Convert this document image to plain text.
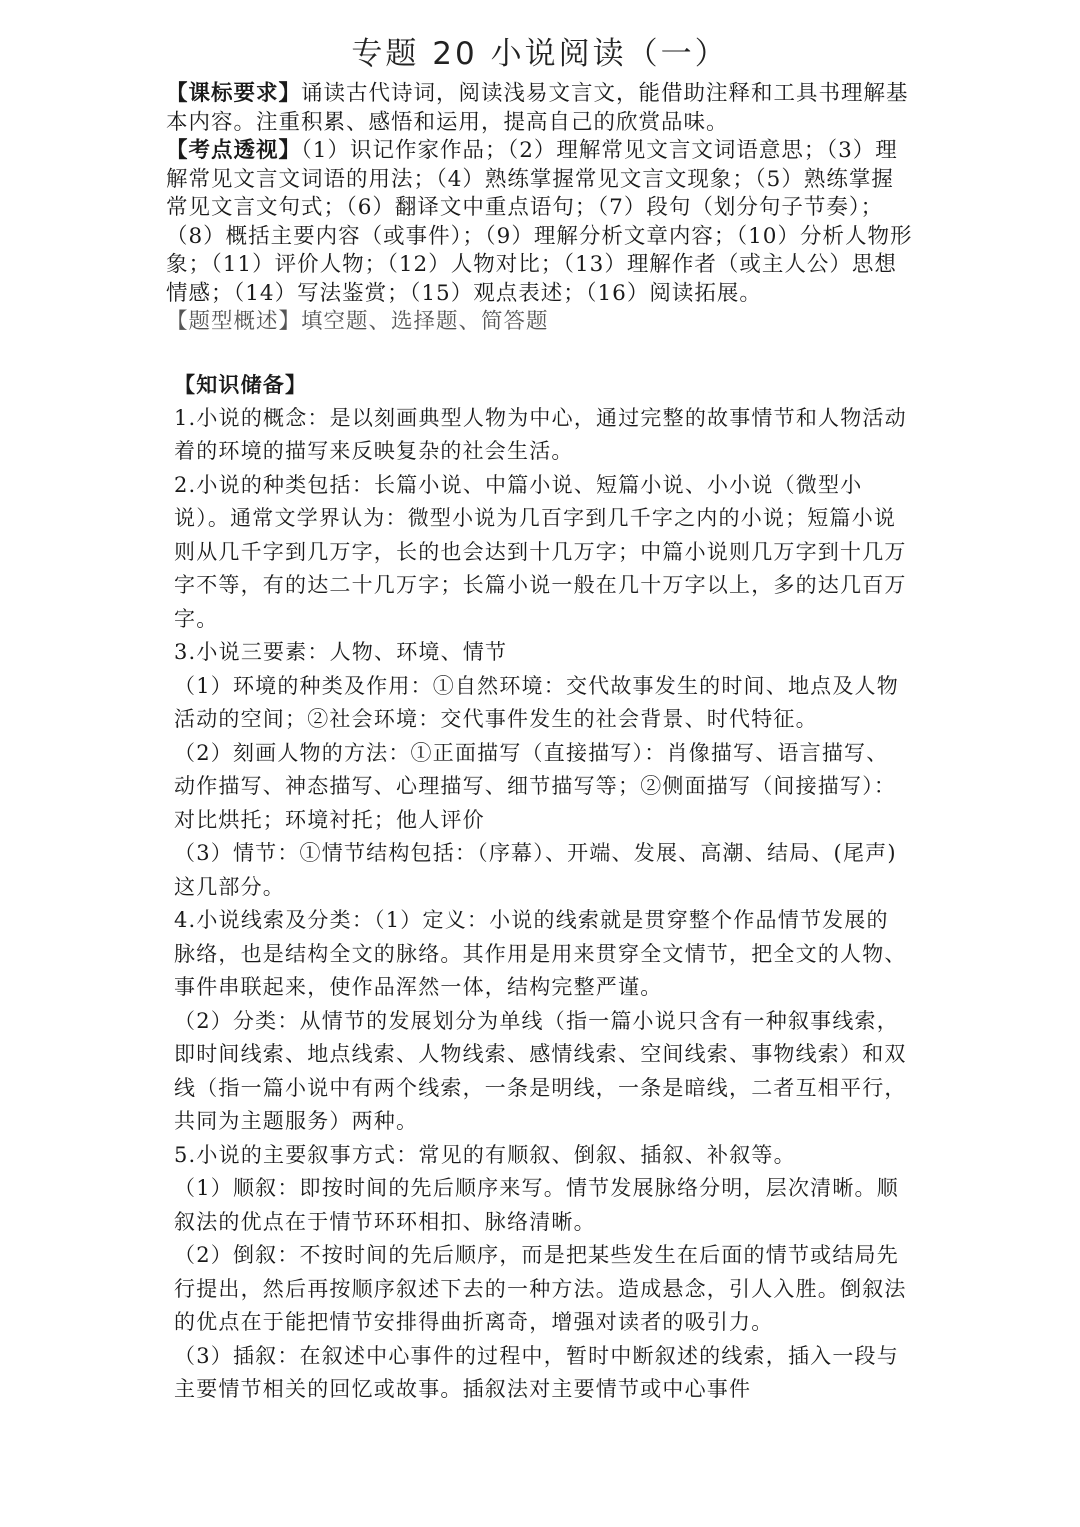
专题 20 小说阅读（一）

【课标要求】诵读古代诗词，阅读浅易文言文，能借助注释和工具书理解基本内容。注重积累、感悟和运用，提高自己的欣赏品味。

【考点透视】（1）识记作家作品；（2）理解常见文言文词语意思；（3）理解常见文言文词语的用法；（4）熟练掌握常见文言文现象；（5）熟练掌握常见文言文句式；（6）翻译文中重点语句；（7）段句（划分句子节奏）；（8）概括主要内容（或事件）；（9）理解分析文章内容；（10）分析人物形象；（11）评价人物；（12）人物对比；（13）理解作者（或主人公）思想情感；（14）写法鉴赏；（15）观点表述；（16）阅读拓展。

【题型概述】填空题、选择题、简答题

【知识储备】

1.小说的概念：是以刻画典型人物为中心，通过完整的故事情节和人物活动着的环境的描写来反映复杂的社会生活。

2.小说的种类包括：长篇小说、中篇小说、短篇小说、小小说（微型小说）。通常文学界认为：微型小说为几百字到几千字之内的小说；短篇小说则从几千字到几万字，长的也会达到十几万字；中篇小说则几万字到十几万字不等，有的达二十几万字；长篇小说一般在几十万字以上，多的达几百万字。

3.小说三要素：人物、环境、情节

（1）环境的种类及作用：①自然环境：交代故事发生的时间、地点及人物活动的空间；②社会环境：交代事件发生的社会背景、时代特征。

（2）刻画人物的方法：①正面描写（直接描写）：肖像描写、语言描写、动作描写、神态描写、心理描写、细节描写等；②侧面描写（间接描写）：对比烘托；环境衬托；他人评价

（3）情节：①情节结构包括：（序幕）、开端、发展、高潮、结局、(尾声)这几部分。

4.小说线索及分类：（1）定义：小说的线索就是贯穿整个作品情节发展的脉络，也是结构全文的脉络。其作用是用来贯穿全文情节，把全文的人物、事件串联起来，使作品浑然一体，结构完整严谨。

（2）分类：从情节的发展划分为单线（指一篇小说只含有一种叙事线索，即时间线索、地点线索、人物线索、感情线索、空间线索、事物线索）和双线（指一篇小说中有两个线索，一条是明线，一条是暗线，二者互相平行，共同为主题服务）两种。

5.小说的主要叙事方式：常见的有顺叙、倒叙、插叙、补叙等。

（1）顺叙：即按时间的先后顺序来写。情节发展脉络分明，层次清晰。顺叙法的优点在于情节环环相扣、脉络清晰。

（2）倒叙：不按时间的先后顺序，而是把某些发生在后面的情节或结局先行提出，然后再按顺序叙述下去的一种方法。造成悬念，引人入胜。倒叙法的优点在于能把情节安排得曲折离奇，增强对读者的吸引力。

（3）插叙：在叙述中心事件的过程中，暂时中断叙述的线索，插入一段与主要情节相关的回忆或故事。插叙法对主要情节或中心事件
